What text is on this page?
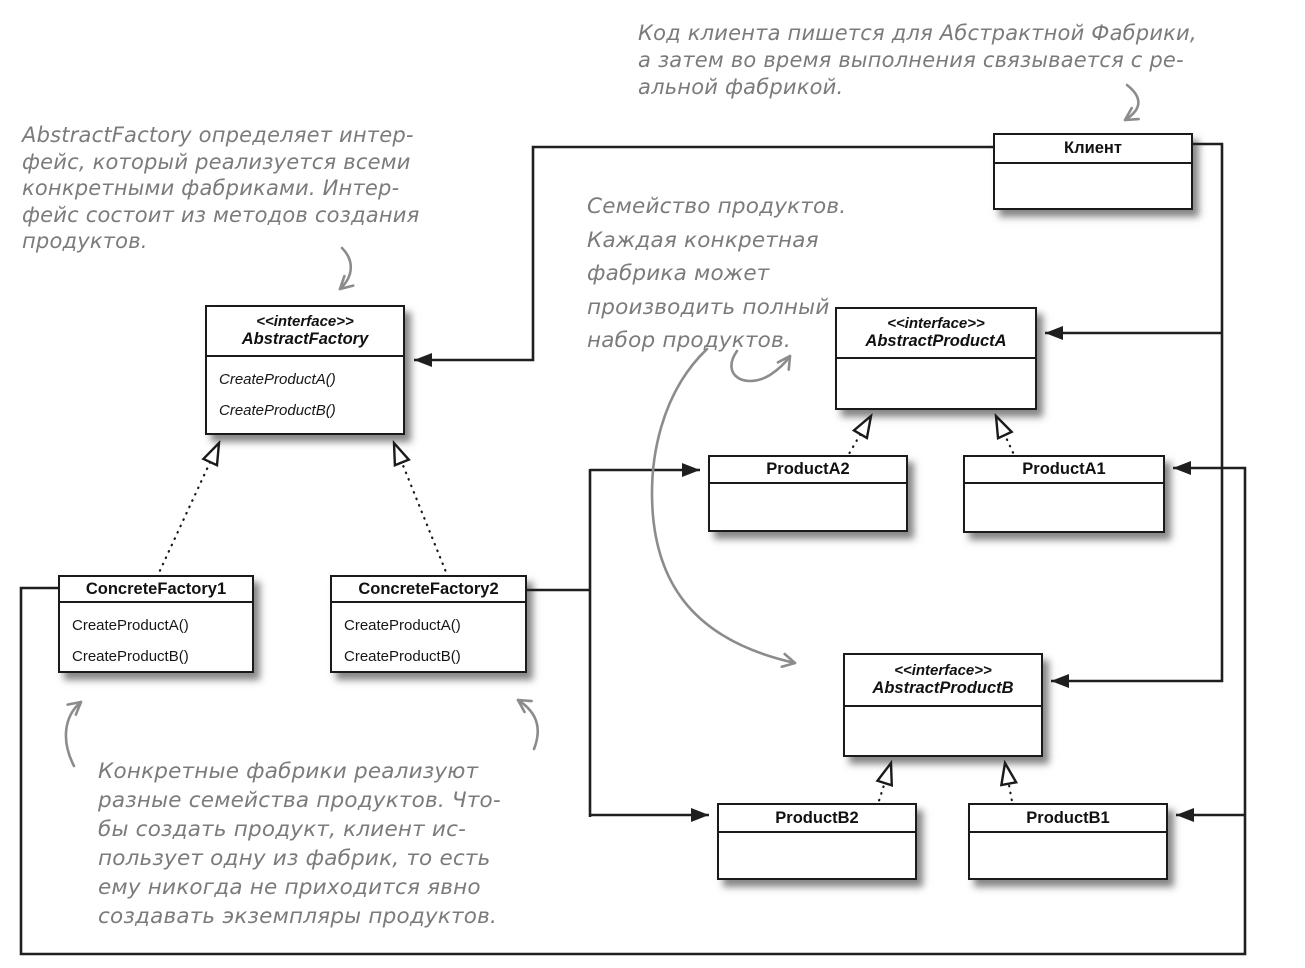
Клиент
<<interface>>
AbstractFactory
CreateProductA()
CreateProductB()
<<interface>>
AbstractProductA
<<interface>>
AbstractProductB
ProductA2	ProductA1
ConcreteFactory1
CreateProductA()
CreateProductB()
ConcreteFactory2
CreateProductA()
CreateProductB()
ProductB2	ProductB1
Код клиента пишется для Абстрактной Фабрики,
а затем во время выполнения связывается с ре-
альной фабрикой.
AbstractFactory определяет интер-
фейс, который реализуется всеми
конкретными фабриками. Интер-
фейс состоит из методов создания
продуктов.
Семейство продуктов.
Каждая конкретная
фабрика может
производить полный
набор продуктов.
Конкретные фабрики реализуют
разные семейства продуктов. Что-
бы создать продукт, клиент ис-
пользует одну из фабрик, то есть
ему никогда не приходится явно
создавать экземпляры продуктов.
